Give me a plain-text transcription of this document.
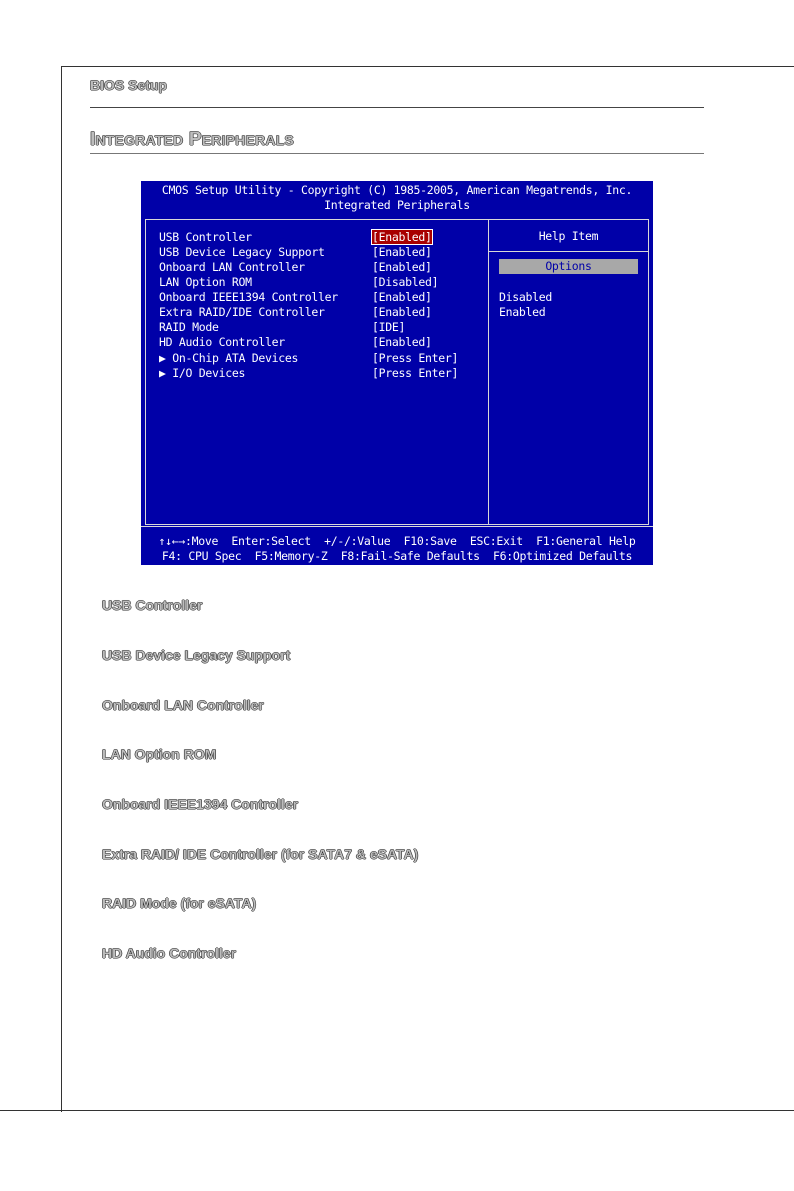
BIOS Setup
INTEGRATED PERIPHERALS
CMOS Setup Utility - Copyright (C) 1985-2005, American Megatrends, Inc.
Integrated Peripherals
USB Controller	[Enabled]
USB Device Legacy Support	[Enabled]
Onboard LAN Controller	[Enabled]
LAN Option ROM	[Disabled]
Onboard IEEE1394 Controller	[Enabled]
Extra RAID/IDE Controller	[Enabled]
RAID Mode	[IDE]
HD Audio Controller	[Enabled]
▶ On-Chip ATA Devices	[Press Enter]
▶ I/O Devices	[Press Enter]
Help Item
Options
Disabled
Enabled
↑↓←→:Move  Enter:Select  +/-/:Value  F10:Save  ESC:Exit  F1:General Help
F4: CPU Spec  F5:Memory-Z  F8:Fail-Safe Defaults  F6:Optimized Defaults
USB Controller
USB Device Legacy Support
Onboard LAN Controller
LAN Option ROM
Onboard IEEE1394 Controller
Extra RAID/ IDE Controller (for SATA7 & eSATA)
RAID Mode (for eSATA)
HD Audio Controller
